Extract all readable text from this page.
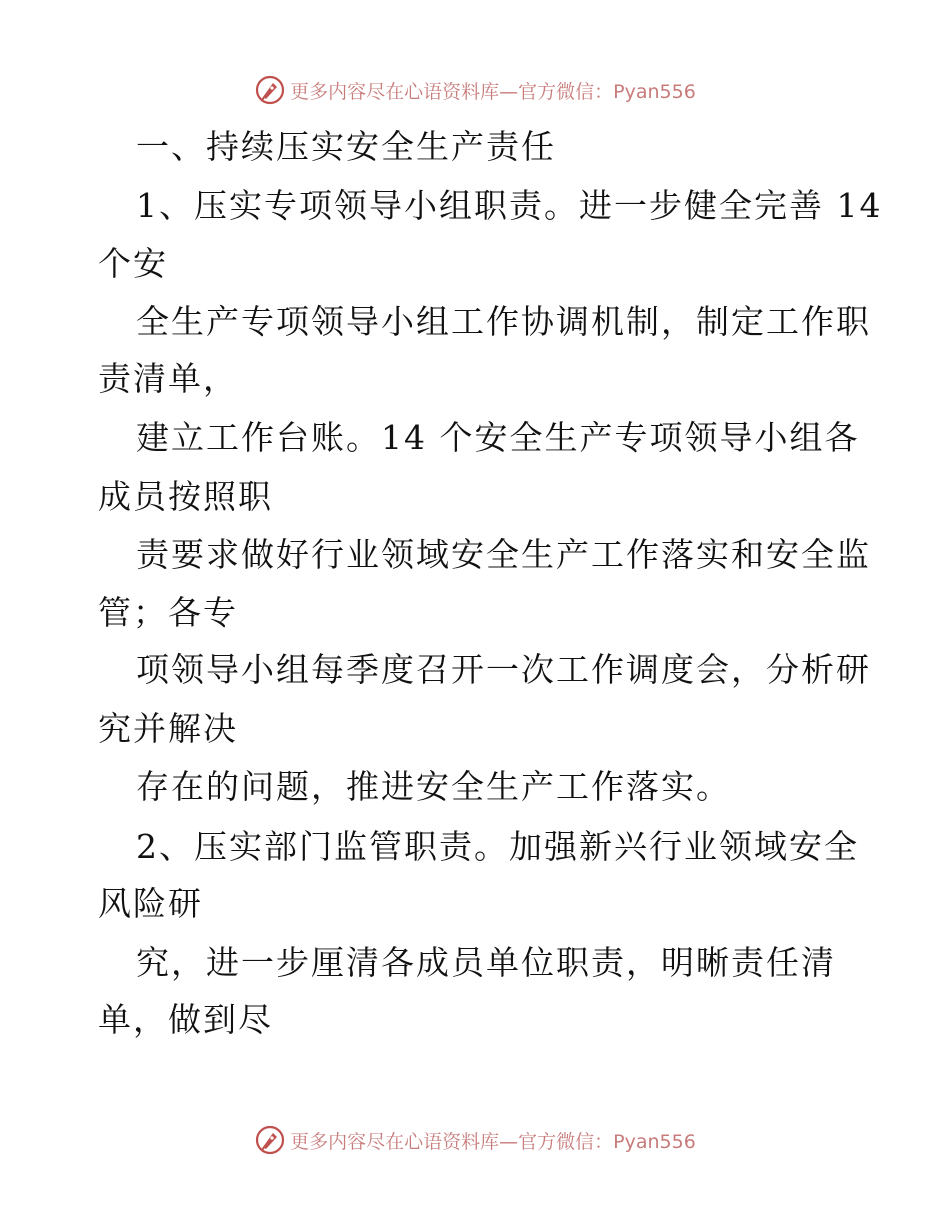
更多内容尽在心语资料库—官方微信：Pyan556
一、持续压实安全生产责任
1、压实专项领导小组职责。进一步健全完善 14
个安
全生产专项领导小组工作协调机制，制定工作职
责清单，
建立工作台账。14 个安全生产专项领导小组各
成员按照职
责要求做好行业领域安全生产工作落实和安全监
管；各专
项领导小组每季度召开一次工作调度会，分析研
究并解决
存在的问题，推进安全生产工作落实。
2、压实部门监管职责。加强新兴行业领域安全
风险研
究，进一步厘清各成员单位职责，明晰责任清
单，做到尽
更多内容尽在心语资料库—官方微信：Pyan556
